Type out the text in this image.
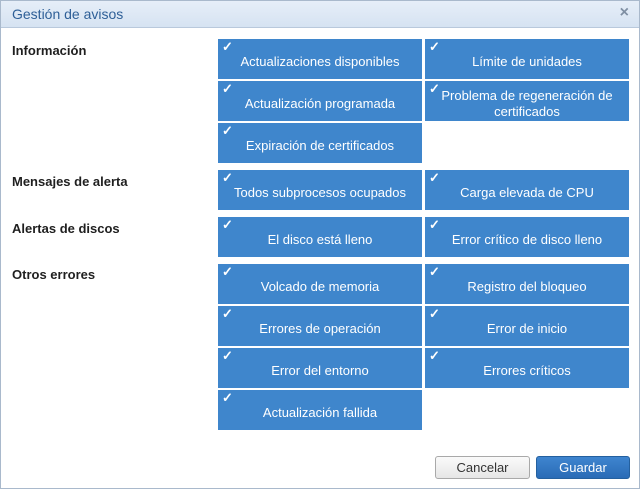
Gestión de avisos	×
Información
Mensajes de alerta
Alertas de discos
Otros errores
✓
Actualizaciones disponibles
✓
Límite de unidades
✓
Actualización programada
✓ Problema de regeneración de certificados
✓
Expiración de certificados
✓
Todos subprocesos ocupados
✓
Carga elevada de CPU
✓
El disco está lleno
✓
Error crítico de disco lleno
✓
Volcado de memoria
✓
Registro del bloqueo
✓
Errores de operación
✓
Error de inicio
✓
Error del entorno
✓
Errores críticos
✓
Actualización fallida
Cancelar	Guardar
